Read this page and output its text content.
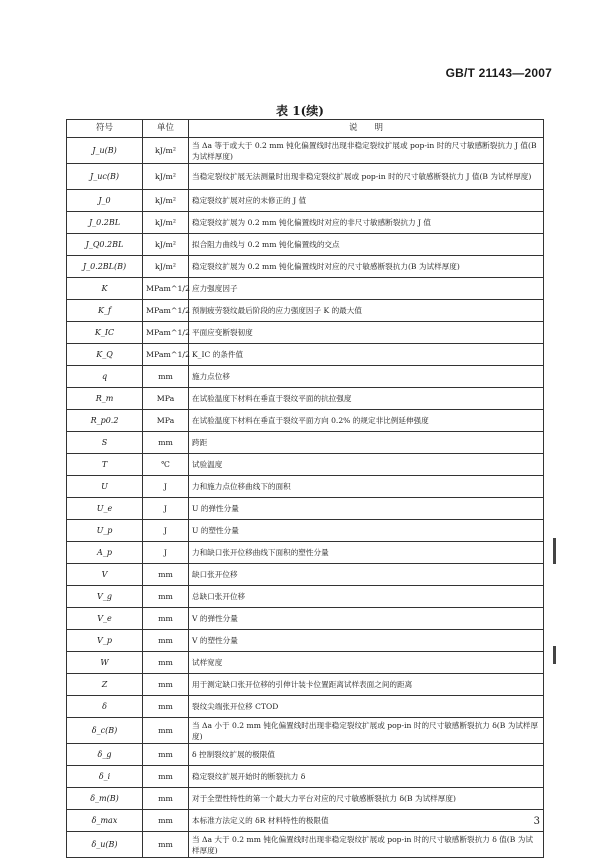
GB/T 21143—2007
表 1(续)
符号	单位	说　　明
J_u(B)	kJ/m²	当 Δa 等于或大于 0.2 mm 钝化偏置线时出现非稳定裂纹扩展或 pop-in 时的尺寸敏感断裂抗力 J 值(B 为试样厚度)
J_uc(B)	kJ/m²	当稳定裂纹扩展无法测量时出现非稳定裂纹扩展或 pop-in 时的尺寸敏感断裂抗力 J 值(B 为试样厚度)
J_0	kJ/m²	稳定裂纹扩展对应的未修正的 J 值
J_0.2BL	kJ/m²	稳定裂纹扩展为 0.2 mm 钝化偏置线时对应的非尺寸敏感断裂抗力 J 值
J_Q0.2BL	kJ/m²	拟合阻力曲线与 0.2 mm 钝化偏置线的交点
J_0.2BL(B)	kJ/m²	稳定裂纹扩展为 0.2 mm 钝化偏置线时对应的尺寸敏感断裂抗力(B 为试样厚度)
K	MPam^1/2	应力强度因子
K_f	MPam^1/2	预制疲劳裂纹最后阶段的应力强度因子 K 的最大值
K_IC	MPam^1/2	平面应变断裂韧度
K_Q	MPam^1/2	K_IC 的条件值
q	mm	施力点位移
R_m	MPa	在试验温度下材料在垂直于裂纹平面的抗拉强度
R_p0.2	MPa	在试验温度下材料在垂直于裂纹平面方向 0.2% 的规定非比例延伸强度
S	mm	跨距
T	℃	试验温度
U	J	力和施力点位移曲线下的面积
U_e	J	U 的弹性分量
U_p	J	U 的塑性分量
A_p	J	力和缺口张开位移曲线下面积的塑性分量
V	mm	缺口张开位移
V_g	mm	总缺口张开位移
V_e	mm	V 的弹性分量
V_p	mm	V 的塑性分量
W	mm	试样宽度
Z	mm	用于测定缺口张开位移的引伸计装卡位置距离试样表面之间的距离
δ	mm	裂纹尖端张开位移 CTOD
δ_c(B)	mm	当 Δa 小于 0.2 mm 钝化偏置线时出现非稳定裂纹扩展或 pop-in 时的尺寸敏感断裂抗力 δ(B 为试样厚度)
δ_g	mm	δ 控制裂纹扩展的极限值
δ_i	mm	稳定裂纹扩展开始时的断裂抗力 δ
δ_m(B)	mm	对于全塑性特性的第一个最大力平台对应的尺寸敏感断裂抗力 δ(B 为试样厚度)
δ_max	mm	本标准方法定义的 δR 材料特性的极限值
δ_u(B)	mm	当 Δa 大于 0.2 mm 钝化偏置线时出现非稳定裂纹扩展或 pop-in 时的尺寸敏感断裂抗力 δ 值(B 为试样厚度)
3
